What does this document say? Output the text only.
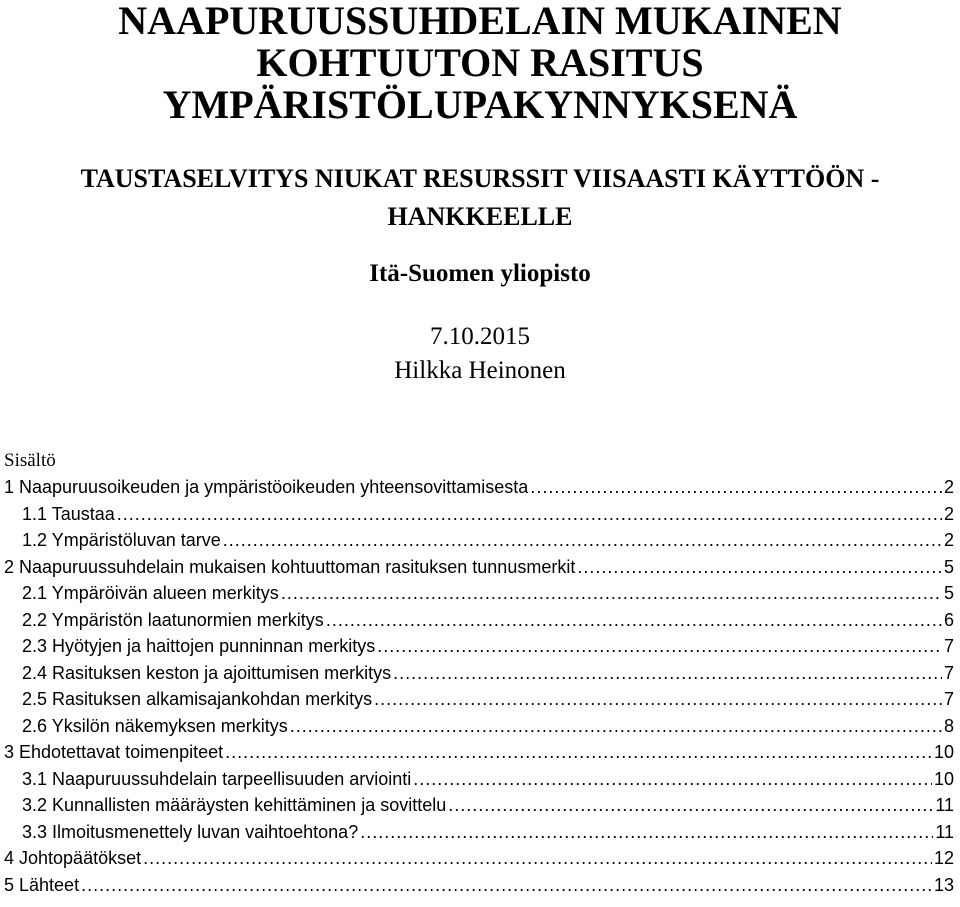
NAAPURUUSSUHDELAIN MUKAINEN
KOHTUUTON RASITUS
YMPÄRISTÖLUPAKYNNYKSENÄ
TAUSTASELVITYS NIUKAT RESURSSIT VIISAASTI KÄYTTÖÖN -
HANKKEELLE
Itä-Suomen yliopisto
7.10.2015
Hilkka Heinonen
Sisältö
1 Naapuruusoikeuden ja ympäristöoikeuden yhteensovittamisesta .....	2
1.1 Taustaa .....	2
1.2 Ympäristöluvan tarve .....	2
2 Naapuruussuhdelain mukaisen kohtuuttoman rasituksen tunnusmerkit .....	5
2.1 Ympäröivän alueen merkitys .....	5
2.2 Ympäristön laatunormien merkitys .....	6
2.3 Hyötyjen ja haittojen punninnan merkitys .....	7
2.4 Rasituksen keston ja ajoittumisen merkitys .....	7
2.5 Rasituksen alkamisajankohdan merkitys .....	7
2.6 Yksilön näkemyksen merkitys .....	8
3 Ehdotettavat toimenpiteet .....	10
3.1 Naapuruussuhdelain tarpeellisuuden arviointi .....	10
3.2 Kunnallisten määräysten kehittäminen ja sovittelu .....	11
3.3 Ilmoitusmenettely luvan vaihtoehtona? .....	11
4 Johtopäätökset .....	12
5 Lähteet .....	13
